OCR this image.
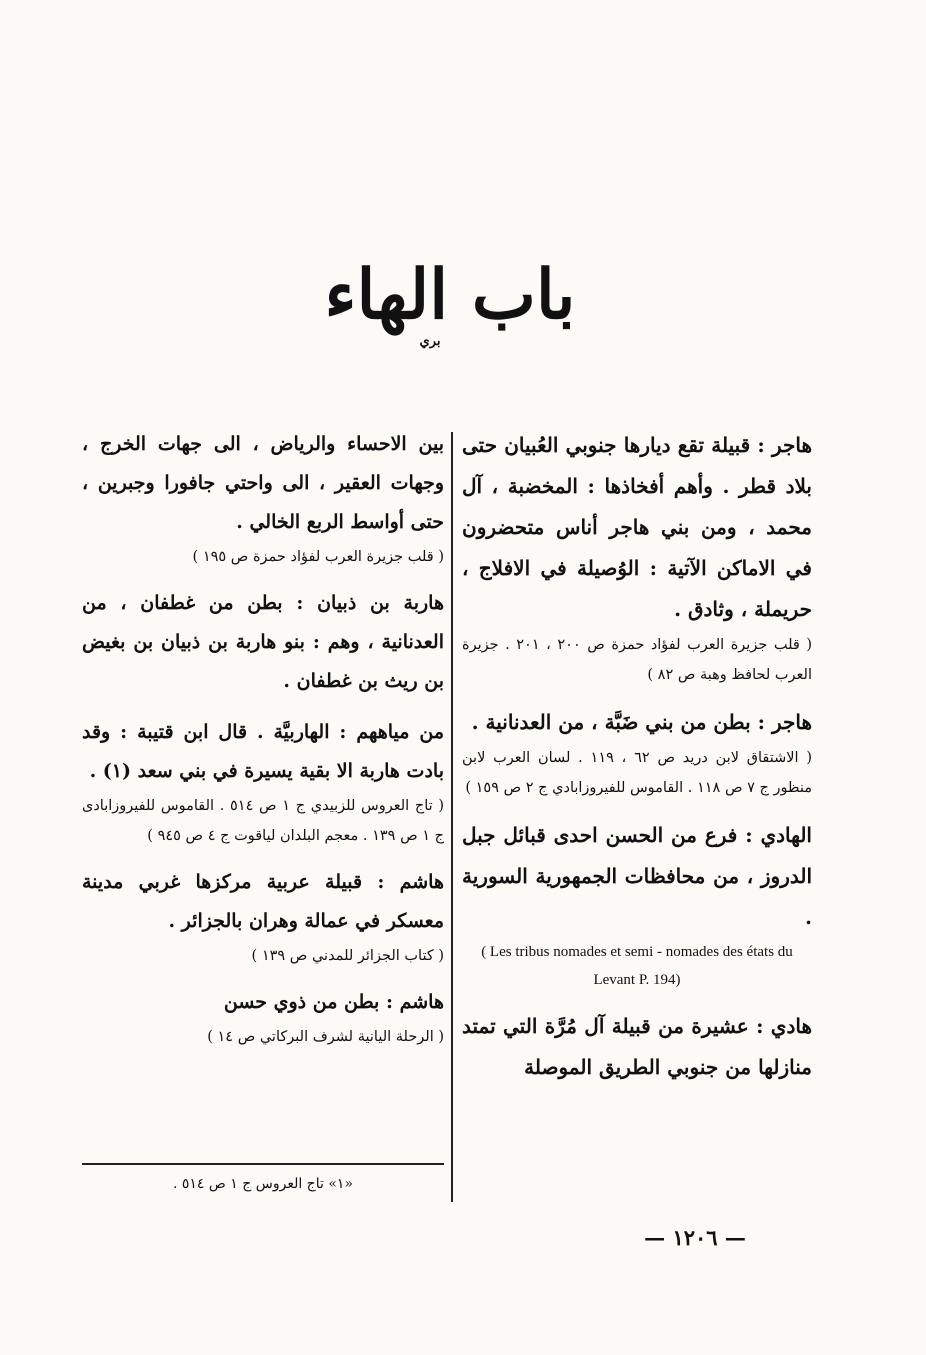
باب الهاء
بري

هاجر : قبيلة تقع ديارها جنوبي العُبيان حتى بلاد قطر . وأهم أفخاذها : المخضبة ، آل محمد ، ومن بني هاجر أناس متحضرون في الاماكن الآتية : الوُصيلة في الافلاج ، حريملة ، وثادق .

( قلب جزيرة العرب لفؤاد حمزة ص ٢٠٠ ، ٢٠١ . جزيرة العرب لحافظ وهبة ص ٨٢ )

هاجر : بطن من بني ضَبَّة ، من العدنانية .

( الاشتقاق لابن دريد ص ٦٢ ، ١١٩ . لسان العرب لابن منظور ج ٧ ص ١١٨ . القاموس للفيروزابادي ج ٢ ص ١٥٩ )

الهادي : فرع من الحسن احدى قبائل جبل الدروز ، من محافظات الجمهورية السورية .

( Les tribus nomades et semi - nomades des états du Levant P. 194)

هادي : عشيرة من قبيلة آل مُرَّة التي تمتد منازلها من جنوبي الطريق الموصلة

بين الاحساء والرياض ، الى جهات الخرج ، وجهات العقير ، الى واحتي جافورا وجبرين ، حتى أواسط الربع الخالي .

( قلب جزيرة العرب لفؤاد حمزة ص ١٩٥ )

هاربة بن ذبيان : بطن من غطفان ، من العدنانية ، وهم : بنو هاربة بن ذبيان بن بغيض بن ريث بن غطفان .

من مياههم : الهاربيَّة . قال ابن قتيبة : وقد بادت هاربة الا بقية يسيرة في بني سعد (١) .

( تاج العروس للزبيدي ج ١ ص ٥١٤ . القاموس للفيروزابادى ج ١ ص ١٣٩ . معجم البلدان لياقوت ج ٤ ص ٩٤٥ )

هاشم : قبيلة عربية مركزها غربي مدينة معسكر في عمالة وهران بالجزائر .

( كتاب الجزائر للمدني ص ١٣٩ )

هاشم : بطن من ذوي حسن

( الرحلة اليانية لشرف البركاتي ص ١٤ )

«١» تاج العروس ج ١ ص ٥١٤ .
— ١٢٠٦ —
